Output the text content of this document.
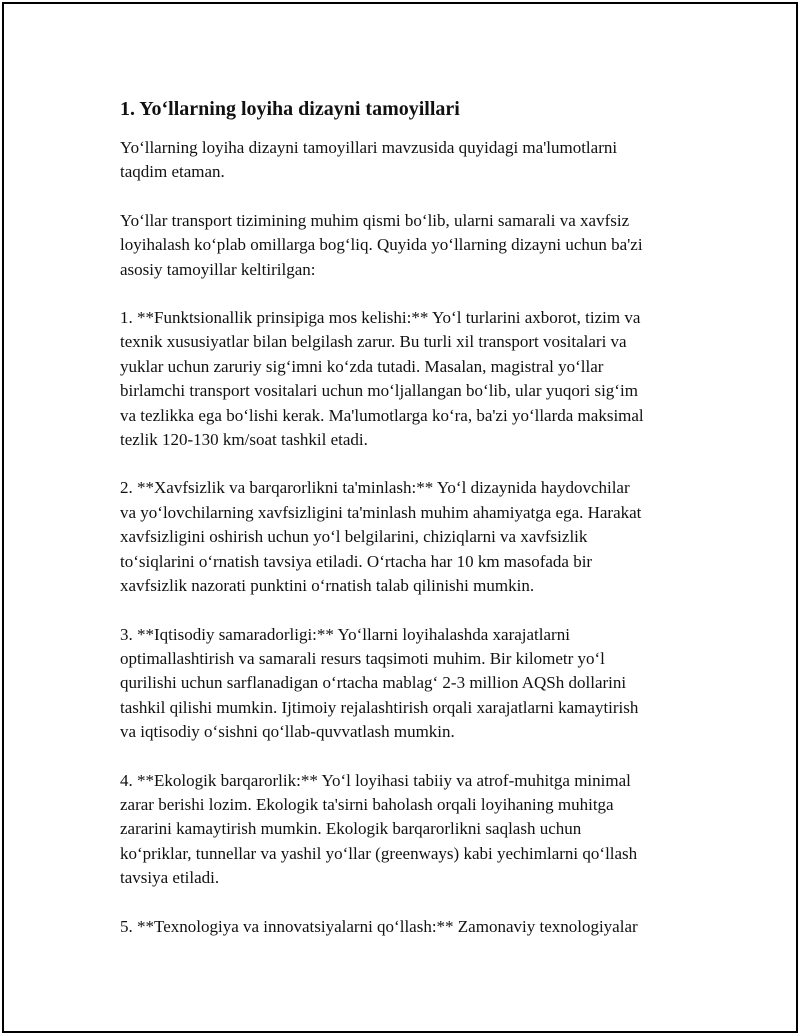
1. Yo‘llarning loyiha dizayni tamoyillari

Yo‘llarning loyiha dizayni tamoyillari mavzusida quyidagi ma'lumotlarni
taqdim etaman.

Yo‘llar transport tizimining muhim qismi bo‘lib, ularni samarali va xavfsiz
loyihalash ko‘plab omillarga bog‘liq. Quyida yo‘llarning dizayni uchun ba'zi
asosiy tamoyillar keltirilgan:

1. **Funktsionallik prinsipiga mos kelishi:** Yo‘l turlarini axborot, tizim va
texnik xususiyatlar bilan belgilash zarur. Bu turli xil transport vositalari va
yuklar uchun zaruriy sig‘imni ko‘zda tutadi. Masalan, magistral yo‘llar
birlamchi transport vositalari uchun mo‘ljallangan bo‘lib, ular yuqori sig‘im
va tezlikka ega bo‘lishi kerak. Ma'lumotlarga ko‘ra, ba'zi yo‘llarda maksimal
tezlik 120-130 km/soat tashkil etadi.

2. **Xavfsizlik va barqarorlikni ta'minlash:** Yo‘l dizaynida haydovchilar
va yo‘lovchilarning xavfsizligini ta'minlash muhim ahamiyatga ega. Harakat
xavfsizligini oshirish uchun yo‘l belgilarini, chiziqlarni va xavfsizlik
to‘siqlarini o‘rnatish tavsiya etiladi. O‘rtacha har 10 km masofada bir
xavfsizlik nazorati punktini o‘rnatish talab qilinishi mumkin.

3. **Iqtisodiy samaradorligi:** Yo‘llarni loyihalashda xarajatlarni
optimallashtirish va samarali resurs taqsimoti muhim. Bir kilometr yo‘l
qurilishi uchun sarflanadigan o‘rtacha mablag‘ 2-3 million AQSh dollarini
tashkil qilishi mumkin. Ijtimoiy rejalashtirish orqali xarajatlarni kamaytirish
va iqtisodiy o‘sishni qo‘llab-quvvatlash mumkin.

4. **Ekologik barqarorlik:** Yo‘l loyihasi tabiiy va atrof-muhitga minimal
zarar berishi lozim. Ekologik ta'sirni baholash orqali loyihaning muhitga
zararini kamaytirish mumkin. Ekologik barqarorlikni saqlash uchun
ko‘priklar, tunnellar va yashil yo‘llar (greenways) kabi yechimlarni qo‘llash
tavsiya etiladi.

5. **Texnologiya va innovatsiyalarni qo‘llash:** Zamonaviy texnologiyalar
